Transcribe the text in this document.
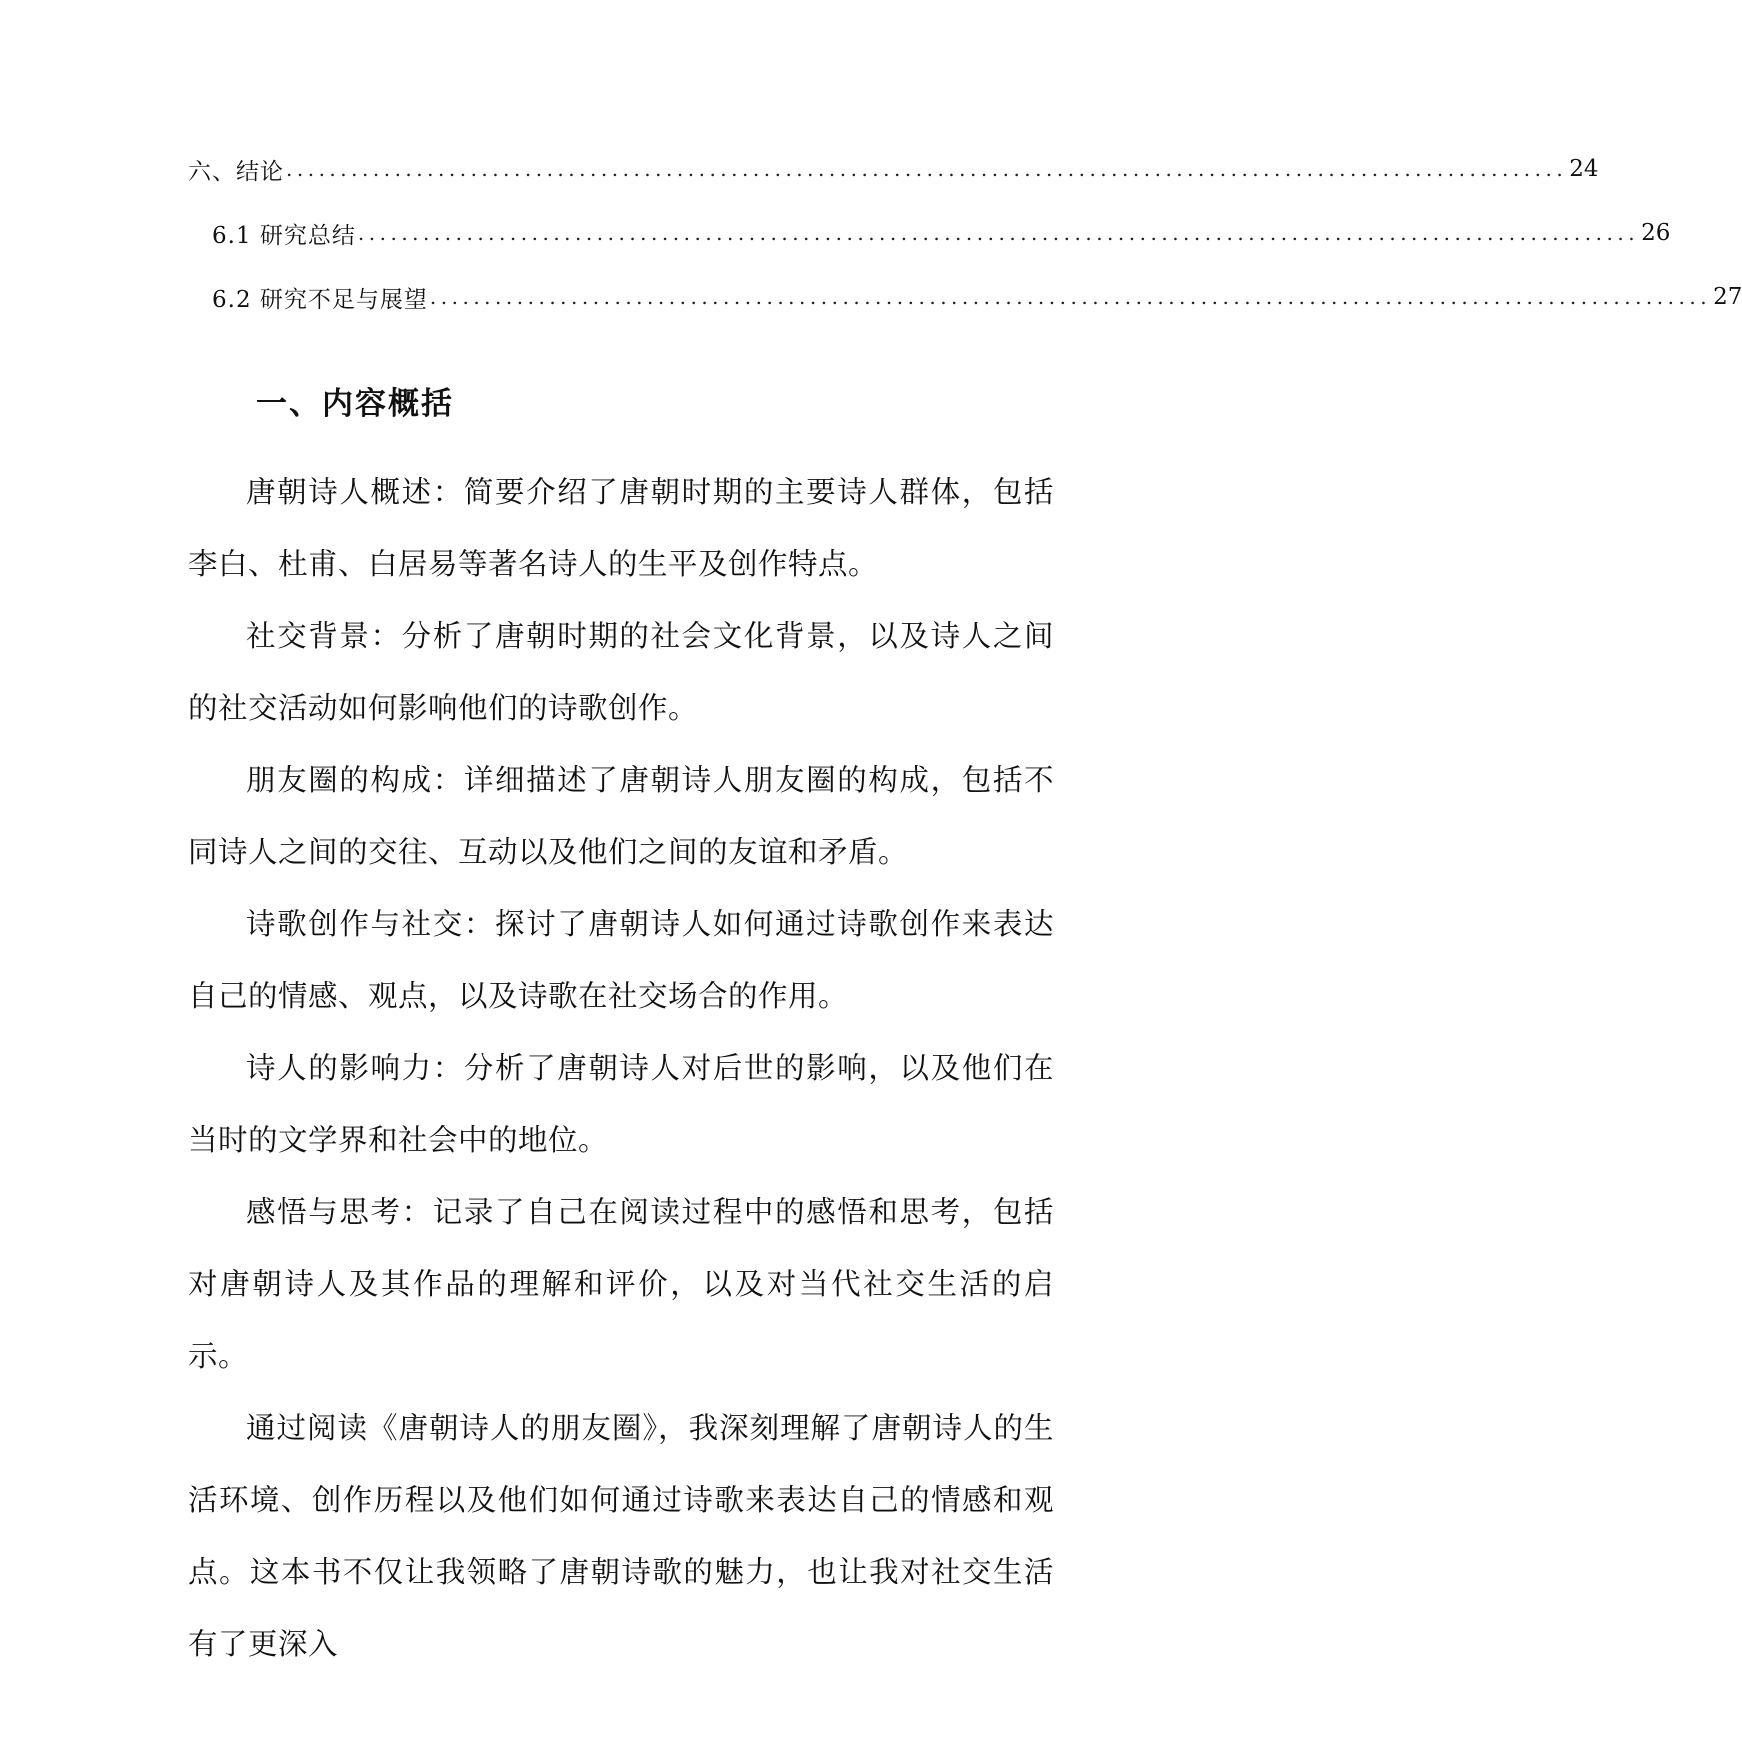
六、结论 ...................................................................................................................... 24
6.1 研究总结 ...................................................................................................................... 26
6.2 研究不足与展望 ...................................................................................................................... 27
一、内容概括

唐朝诗人概述：简要介绍了唐朝时期的主要诗人群体，包括李白、杜甫、白居易等著名诗人的生平及创作特点。

社交背景：分析了唐朝时期的社会文化背景，以及诗人之间的社交活动如何影响他们的诗歌创作。

朋友圈的构成：详细描述了唐朝诗人朋友圈的构成，包括不同诗人之间的交往、互动以及他们之间的友谊和矛盾。

诗歌创作与社交：探讨了唐朝诗人如何通过诗歌创作来表达自己的情感、观点，以及诗歌在社交场合的作用。

诗人的影响力：分析了唐朝诗人对后世的影响，以及他们在当时的文学界和社会中的地位。

感悟与思考：记录了自己在阅读过程中的感悟和思考，包括对唐朝诗人及其作品的理解和评价，以及对当代社交生活的启示。

通过阅读《唐朝诗人的朋友圈》，我深刻理解了唐朝诗人的生活环境、创作历程以及他们如何通过诗歌来表达自己的情感和观点。这本书不仅让我领略了唐朝诗歌的魅力，也让我对社交生活有了更深入
